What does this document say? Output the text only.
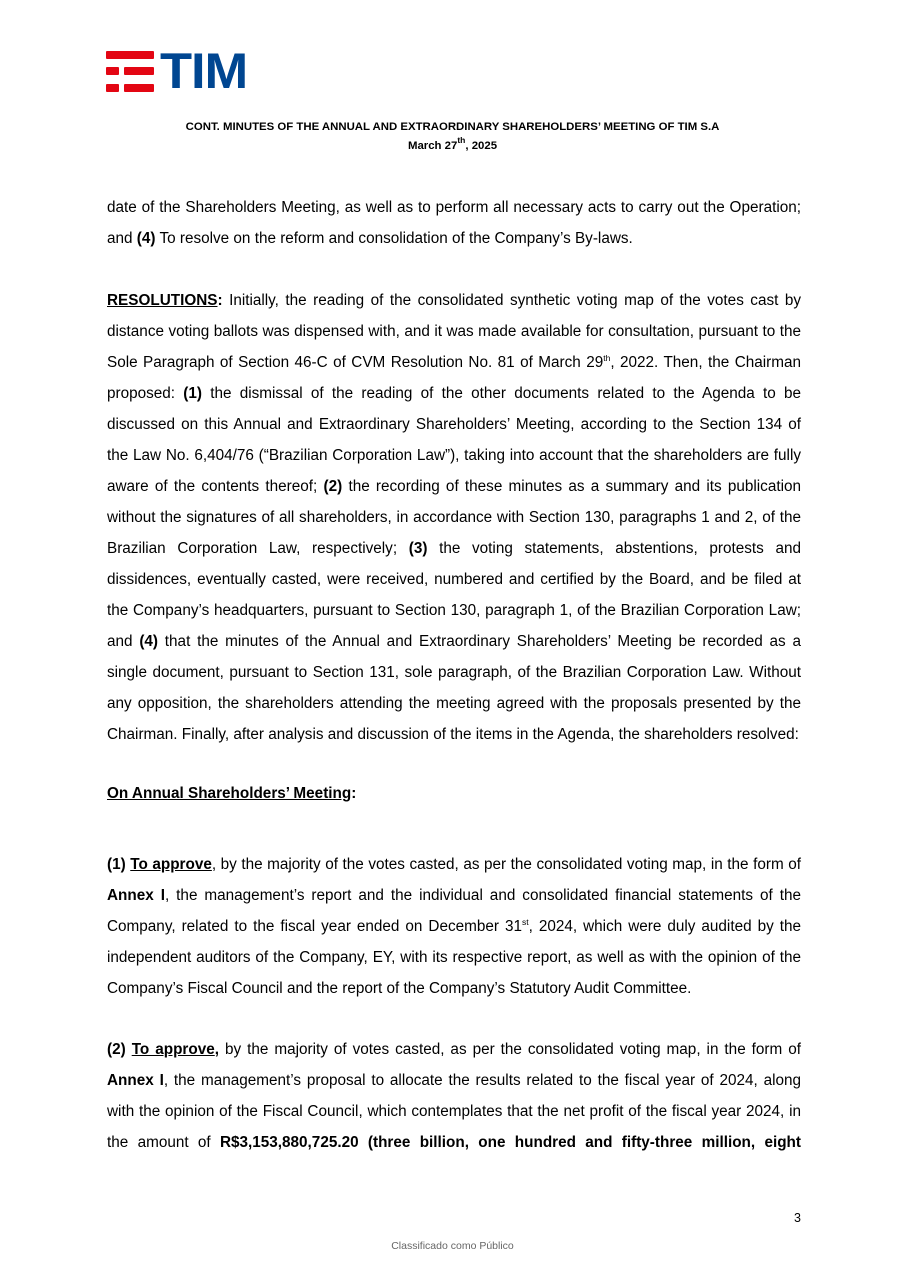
TIM
CONT. MINUTES OF THE ANNUAL AND EXTRAORDINARY SHAREHOLDERS’ MEETING OF TIM S.A
March 27th, 2025

date of the Shareholders Meeting, as well as to perform all necessary acts to carry out the Operation; and (4) To resolve on the reform and consolidation of the Company’s By-laws.

RESOLUTIONS: Initially, the reading of the consolidated synthetic voting map of the votes cast by distance voting ballots was dispensed with, and it was made available for consultation, pursuant to the Sole Paragraph of Section 46-C of CVM Resolution No. 81 of March 29th, 2022. Then, the Chairman proposed: (1) the dismissal of the reading of the other documents related to the Agenda to be discussed on this Annual and Extraordinary Shareholders’ Meeting, according to the Section 134 of the Law No. 6,404/76 (“Brazilian Corporation Law”), taking into account that the shareholders are fully aware of the contents thereof; (2) the recording of these minutes as a summary and its publication without the signatures of all shareholders, in accordance with Section 130, paragraphs 1 and 2, of the Brazilian Corporation Law, respectively; (3) the voting statements, abstentions, protests and dissidences, eventually casted, were received, numbered and certified by the Board, and be filed at the Company’s headquarters, pursuant to Section 130, paragraph 1, of the Brazilian Corporation Law; and (4) that the minutes of the Annual and Extraordinary Shareholders’ Meeting be recorded as a single document, pursuant to Section 131, sole paragraph, of the Brazilian Corporation Law. Without any opposition, the shareholders attending the meeting agreed with the proposals presented by the Chairman. Finally, after analysis and discussion of the items in the Agenda, the shareholders resolved:

On Annual Shareholders’ Meeting:

(1) To approve, by the majority of the votes casted, as per the consolidated voting map, in the form of Annex I, the management’s report and the individual and consolidated financial statements of the Company, related to the fiscal year ended on December 31st, 2024, which were duly audited by the independent auditors of the Company, EY, with its respective report, as well as with the opinion of the Company’s Fiscal Council and the report of the Company’s Statutory Audit Committee.

(2) To approve, by the majority of votes casted, as per the consolidated voting map, in the form of Annex I, the management’s proposal to allocate the results related to the fiscal year of 2024, along with the opinion of the Fiscal Council, which contemplates that the net profit of the fiscal year 2024, in the amount of R$3,153,880,725.20 (three billion, one hundred and fifty-three million, eight

3
Classificado como Público
